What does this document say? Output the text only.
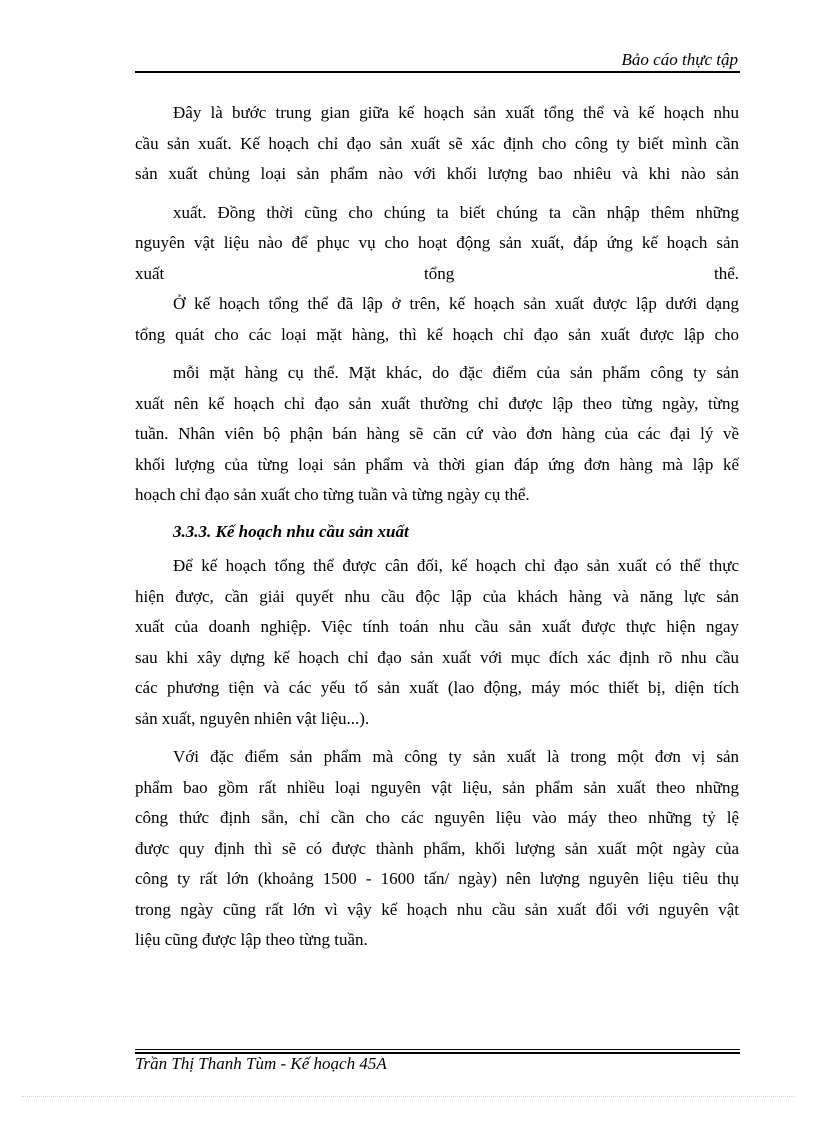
Bảo cáo thực tập
Đây là bước trung gian giữa kế hoạch sản xuất tổng thể và kế hoạch nhu
cầu sản xuất. Kế hoạch chỉ đạo sản xuất sẽ xác định cho công ty biết mình cần
sản xuất chủng loại sản phẩm nào với khối lượng bao nhiêu và khi nào sản
xuất. Đồng thời cũng cho chúng ta biết chúng ta cần nhập thêm những
nguyên vật liệu nào để phục vụ cho hoạt động sản xuất, đáp ứng kế hoạch sản
xuất tổng thể.
Ở kế hoạch tổng thể đã lập ở trên, kế hoạch sản xuất được lập dưới dạng
tổng quát cho các loại mặt hàng, thì kế hoạch chỉ đạo sản xuất được lập cho
mỗi mặt hàng cụ thể. Mặt khác, do đặc điểm của sản phẩm công ty sản
xuất nên kế hoạch chỉ đạo sản xuất thường chỉ được lập theo từng ngày, từng
tuần. Nhân viên bộ phận bán hàng sẽ căn cứ vào đơn hàng của các đại lý về
khối lượng của từng loại sản phẩm và thời gian đáp ứng đơn hàng mà lập kế
hoạch chỉ đạo sản xuất cho từng tuần và từng ngày cụ thể.
3.3.3. Kế hoạch nhu cầu sản xuất
Để kế hoạch tổng thể được cân đối, kế hoạch chỉ đạo sản xuất có thể thực
hiện được, cần giải quyết nhu cầu độc lập của khách hàng và năng lực sản
xuất của doanh nghiệp. Việc tính toán nhu cầu sản xuất được thực hiện ngay
sau khi xây dựng kế hoạch chỉ đạo sản xuất với mục đích xác định rõ nhu cầu
các phương tiện và các yếu tố sản xuất (lao động, máy móc thiết bị, diện tích
sản xuất, nguyên nhiên vật liệu...).
Với đặc điểm sản phẩm mà công ty sản xuất là trong một đơn vị sản
phẩm bao gồm rất nhiều loại nguyên vật liệu, sản phẩm sản xuất theo những
công thức định sẵn, chỉ cần cho các nguyên liệu vào máy theo những tỷ lệ
được quy định thì sẽ có được thành phẩm, khối lượng sản xuất một ngày của
công ty rất lớn (khoảng 1500 - 1600 tấn/ ngày) nên lượng nguyên liệu tiêu thụ
trong ngày cũng rất lớn vì vậy kế hoạch nhu cầu sản xuất đối với nguyên vật
liệu cũng được lập theo từng tuần.
Trần Thị Thanh Tùm - Kế hoạch 45A
